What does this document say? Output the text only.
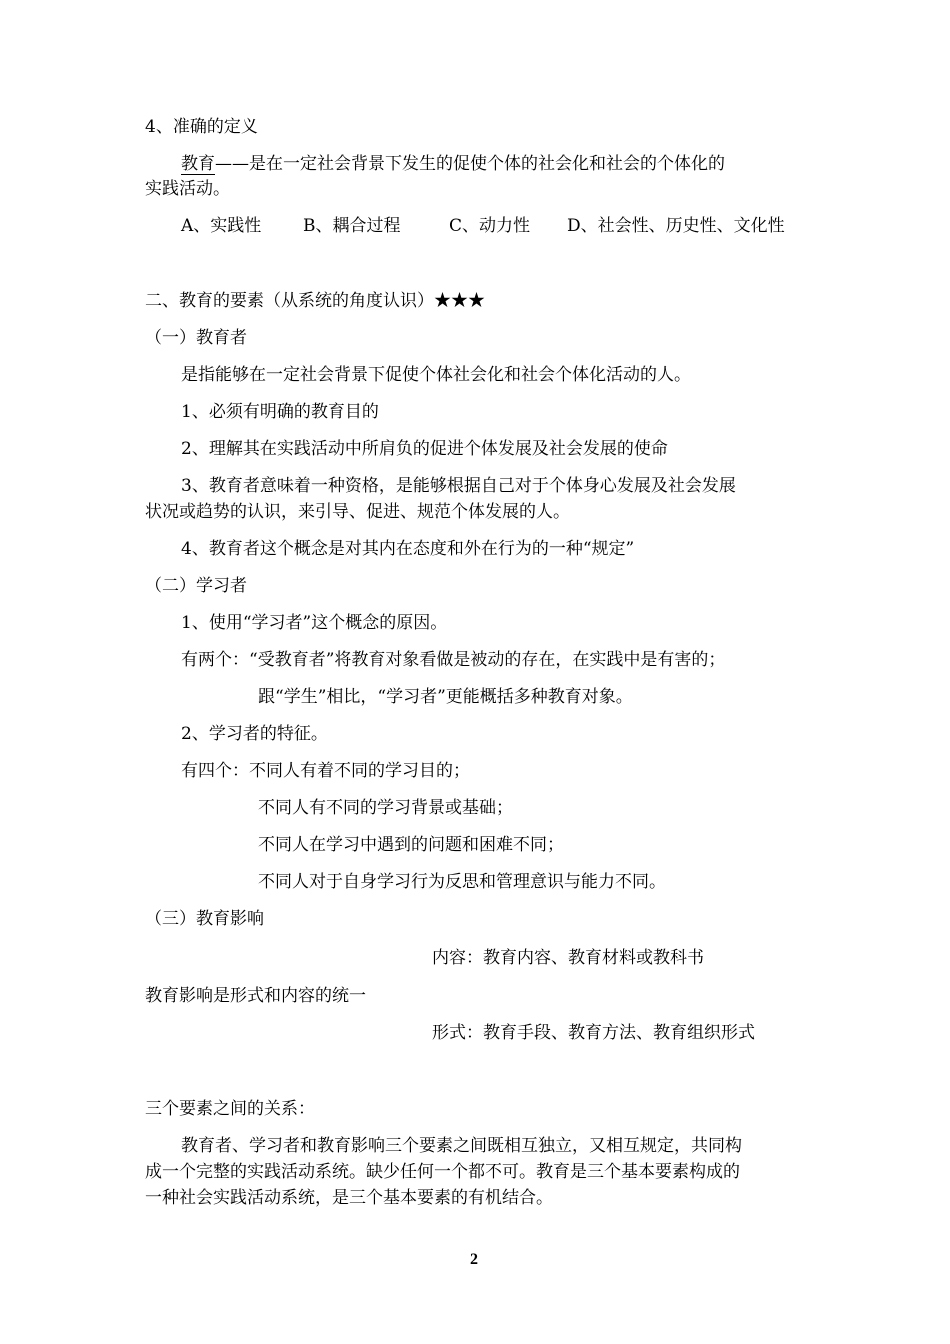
4、准确的定义
教育——是在一定社会背景下发生的促使个体的社会化和社会的个体化的
实践活动。
A、实践性 B、耦合过程	C、动力性 D、社会性、历史性、文化性
二、教育的要素（从系统的角度认识）★★★
（一）教育者
是指能够在一定社会背景下促使个体社会化和社会个体化活动的人。
1、必须有明确的教育目的
2、理解其在实践活动中所肩负的促进个体发展及社会发展的使命
3、教育者意味着一种资格，是能够根据自己对于个体身心发展及社会发展
状况或趋势的认识，来引导、促进、规范个体发展的人。
4、教育者这个概念是对其内在态度和外在行为的一种“规定”
（二）学习者
1、使用“学习者”这个概念的原因。
有两个：“受教育者”将教育对象看做是被动的存在，在实践中是有害的；
跟“学生”相比，“学习者”更能概括多种教育对象。
2、学习者的特征。
有四个：不同人有着不同的学习目的；
不同人有不同的学习背景或基础；
不同人在学习中遇到的问题和困难不同；
不同人对于自身学习行为反思和管理意识与能力不同。
（三）教育影响
内容：教育内容、教育材料或教科书
教育影响是形式和内容的统一
形式：教育手段、教育方法、教育组织形式
三个要素之间的关系：
教育者、学习者和教育影响三个要素之间既相互独立，又相互规定，共同构
成一个完整的实践活动系统。缺少任何一个都不可。教育是三个基本要素构成的
一种社会实践活动系统，是三个基本要素的有机结合。
2
